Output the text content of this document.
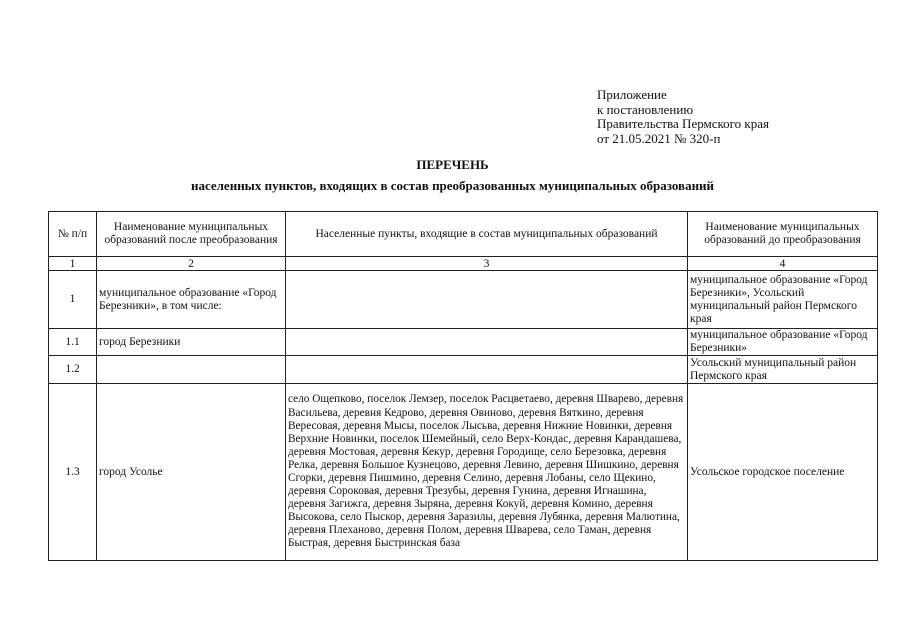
Приложение
к постановлению
Правительства Пермского края
от 21.05.2021 № 320-п
ПЕРЕЧЕНЬ
населенных пунктов, входящих в состав преобразованных муниципальных образований
№ п/п	Наименование муниципальных образований после преобразования	Населенные пункты, входящие в состав муниципальных образований	Наименование муниципальных образований до преобразования
1	2	3	4
1	муниципальное образование «Город Березники», в том числе:		муниципальное образование «Город Березники», Усольский муниципальный район Пермского края
1.1	город Березники		муниципальное образование «Город Березники»
1.2			Усольский муниципальный район Пермского края
1.3	город Усолье	село Ощепково, поселок Лемзер, поселок Расцветаево, деревня Шварево, деревня Васильева, деревня Кедрово, деревня Овиново, деревня Вяткино, деревня Вересовая, деревня Мысы, поселок Лысьва, деревня Нижние Новинки, деревня Верхние Новинки, поселок Шемейный, село Верх-Кондас, деревня Карандашева, деревня Мостовая, деревня Кекур, деревня Городище, село Березовка, деревня Релка, деревня Большое Кузнецово, деревня Левино, деревня Шишкино, деревня Сгорки, деревня Пишмино, деревня Селино, деревня Лобаны, село Щекино, деревня Сороковая, деревня Трезубы, деревня Гунина, деревня Игнашина, деревня Загижга, деревня Зыряна, деревня Кокуй, деревня Комино, деревня Высокова, село Пыскор, деревня Заразилы, деревня Лубянка, деревня Малютина, деревня Плеханово, деревня Полом, деревня Шварева, село Таман, деревня Быстрая, деревня Быстринская база	Усольское городское поселение
